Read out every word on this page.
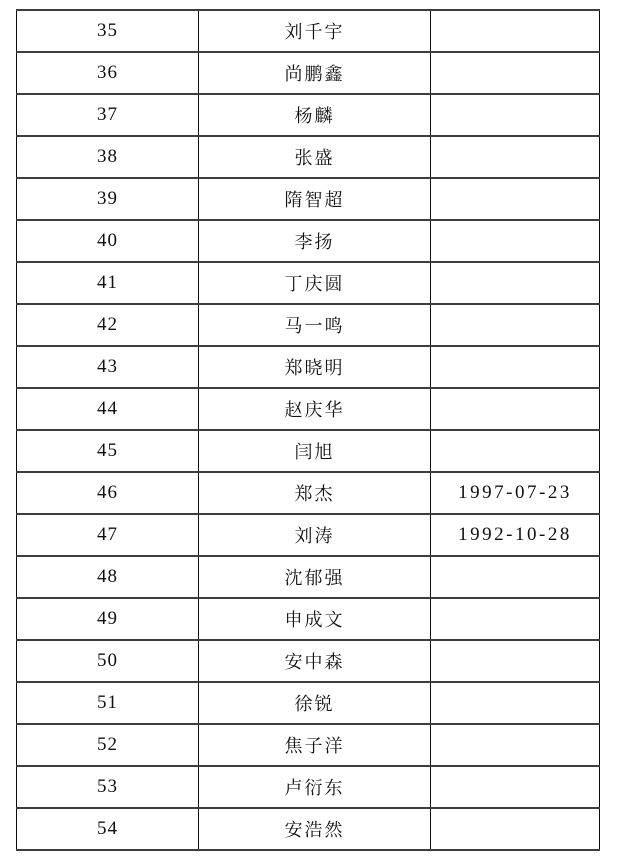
35	刘千宇	
36	尚鹏鑫	
37	杨麟	
38	张盛	
39	隋智超	
40	李扬	
41	丁庆圆	
42	马一鸣	
43	郑晓明	
44	赵庆华	
45	闫旭	
46	郑杰	1997-07-23
47	刘涛	1992-10-28
48	沈郁强	
49	申成文	
50	安中森	
51	徐锐	
52	焦子洋	
53	卢衍东	
54	安浩然	
